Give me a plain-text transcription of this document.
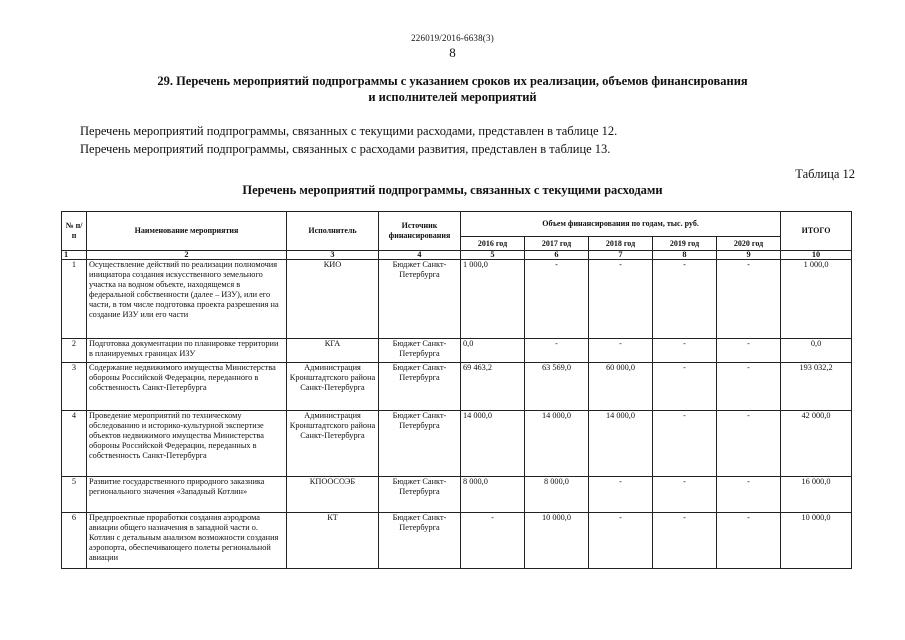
226019/2016-6638(3)
8
29. Перечень мероприятий подпрограммы с указанием сроков их реализации, объемов финансирования
и исполнителей мероприятий
Перечень мероприятий подпрограммы, связанных с текущими расходами, представлен в таблице 12.
Перечень мероприятий подпрограммы, связанных с расходами развития, представлен в таблице 13.
Таблица 12
Перечень мероприятий подпрограммы, связанных с текущими расходами
№ п/п	Наименование мероприятия	Исполнитель	Источник финансирования	Объем финансирования по годам, тыс. руб.					ИТОГО
				2016 год	2017 год	2018 год	2019 год	2020 год	
1	2	3	4	5	6	7	8	9	10
1	Осуществление действий по реализации полномочия инициатора создания искусственного земельного участка на водном объекте, находящемся в федеральной собственности (далее – ИЗУ), или его части, в том числе подготовка проекта разрешения на создание ИЗУ или его части	КИО	Бюджет Санкт-Петербурга	1 000,0	-	-	-	-	1 000,0
2	Подготовка документации по планировке территории в планируемых границах ИЗУ	КГА	Бюджет Санкт-Петербурга	0,0	-	-	-	-	0,0
3	Содержание недвижимого имущества Министерства обороны Российской Федерации, переданного в собственность Санкт-Петербурга	Администрация Кронштадтского района Санкт-Петербурга	Бюджет Санкт-Петербурга	69 463,2	63 569,0	60 000,0	-	-	193 032,2
4	Проведение мероприятий по техническому обследованию и историко-культурной экспертизе объектов недвижимого имущества Министерства обороны Российской Федерации, переданных в собственность Санкт-Петербурга	Администрация Кронштадтского района Санкт-Петербурга	Бюджет Санкт-Петербурга	14 000,0	14 000,0	14 000,0	-	-	42 000,0
5	Развитие государственного природного заказника регионального значения «Западный Котлин»	КПООСОЭБ	Бюджет Санкт-Петербурга	8 000,0	8 000,0	-	-	-	16 000,0
6	Предпроектные проработки создания аэродрома авиации общего назначения в западной части о. Котлин с детальным анализом возможности создания аэропорта, обеспечивающего полеты региональной авиации	КТ	Бюджет Санкт-Петербурга	-	10 000,0	-	-	-	10 000,0
